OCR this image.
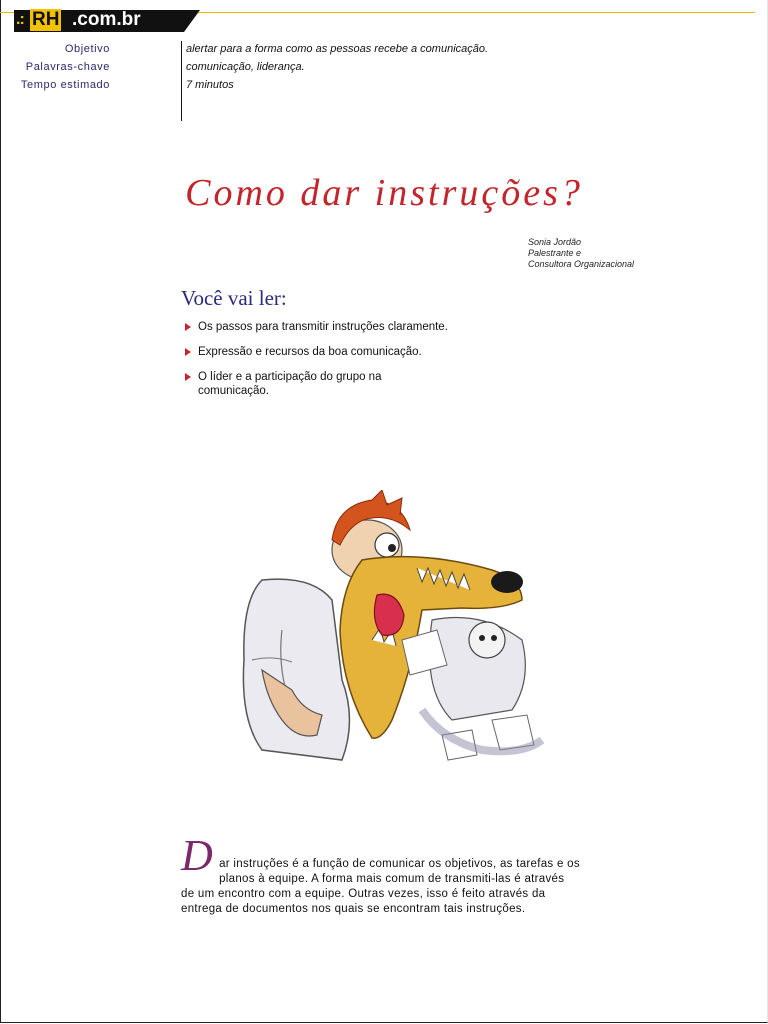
.: RH .com.br
Objetivo	alertar para a forma como as pessoas recebe a comunicação.
Palavras-chave	comunicação, liderança.
Tempo estimado	7 minutos
Como dar instruções?
Sonia Jordão
Palestrante e
Consultora Organizacional
Você vai ler:
Os passos para transmitir instruções claramente.
Expressão e recursos da boa comunicação.
O líder e a participação do grupo na comunicação.
D ar instruções é a função de comunicar os objetivos, as tarefas e os planos à equipe. A forma mais comum de transmiti-las é através de um encontro com a equipe. Outras vezes, isso é feito através da entrega de documentos nos quais se encontram tais instruções.
